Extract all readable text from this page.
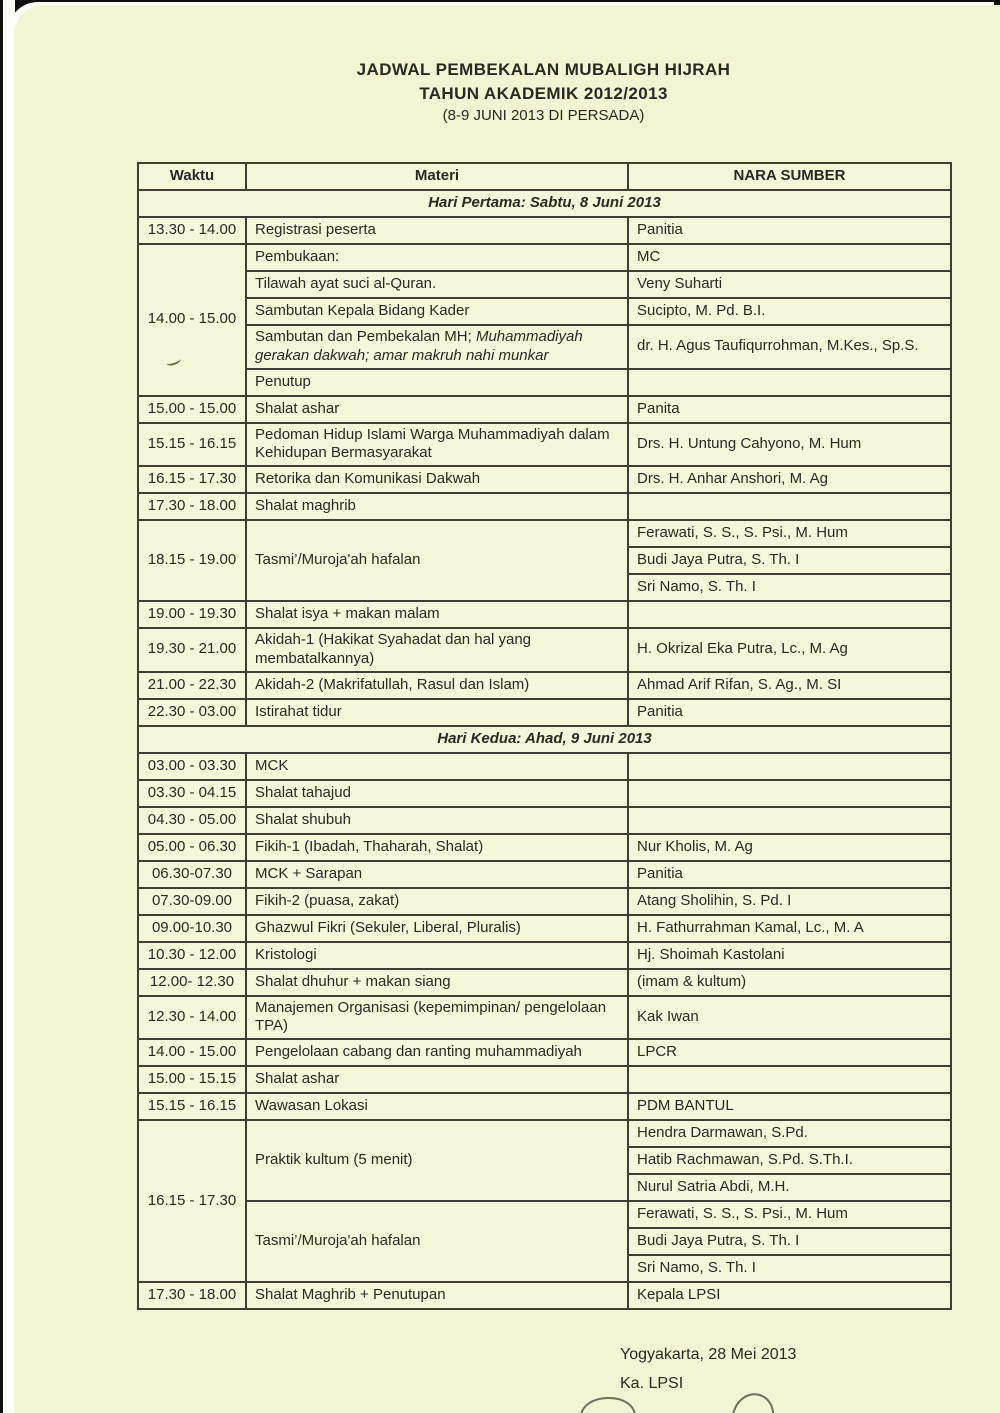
JADWAL PEMBEKALAN MUBALIGH HIJRAH
TAHUN AKADEMIK 2012/2013
(8-9 JUNI 2013 DI PERSADA)
Waktu	Materi	NARA SUMBER
Hari Pertama: Sabtu, 8 Juni 2013		
13.30 - 14.00	Registrasi peserta	Panitia
14.00 - 15.00	Pembukaan:	MC
	Tilawah ayat suci al-Quran.	Veny Suharti
	Sambutan Kepala Bidang Kader	Sucipto, M. Pd. B.I.
	Sambutan dan Pembekalan MH; Muhammadiyah gerakan dakwah; amar makruh nahi munkar	dr. H. Agus Taufiqurrohman, M.Kes., Sp.S.
	Penutup	
15.00 - 15.00	Shalat ashar	Panita
15.15 - 16.15	Pedoman Hidup Islami Warga Muhammadiyah dalam Kehidupan Bermasyarakat	Drs. H. Untung Cahyono, M. Hum
16.15 - 17.30	Retorika dan Komunikasi Dakwah	Drs. H. Anhar Anshori, M. Ag
17.30 - 18.00	Shalat maghrib	
18.15 - 19.00	Tasmi’/Muroja'ah hafalan	Ferawati, S. S., S. Psi., M. Hum
		Budi Jaya Putra, S. Th. I
		Sri Namo, S. Th. I
19.00 - 19.30	Shalat isya + makan malam	
19.30 - 21.00	Akidah-1 (Hakikat Syahadat dan hal yang membatalkannya)	H. Okrizal Eka Putra, Lc., M. Ag
21.00 - 22.30	Akidah-2 (Makrifatullah, Rasul dan Islam)	Ahmad Arif Rifan, S. Ag., M. SI
22.30 - 03.00	Istirahat tidur	Panitia
Hari Kedua: Ahad, 9 Juni 2013		
03.00 - 03.30	MCK	
03.30 - 04.15	Shalat tahajud	
04.30 - 05.00	Shalat shubuh	
05.00 - 06.30	Fikih-1 (Ibadah, Thaharah, Shalat)	Nur Kholis, M. Ag
06.30-07.30	MCK + Sarapan	Panitia
07.30-09.00	Fikih-2 (puasa, zakat)	Atang Sholihin, S. Pd. I
09.00-10.30	Ghazwul Fikri (Sekuler, Liberal, Pluralis)	H. Fathurrahman Kamal, Lc., M. A
10.30 - 12.00	Kristologi	Hj. Shoimah Kastolani
12.00- 12.30	Shalat dhuhur + makan siang	(imam & kultum)
12.30 - 14.00	Manajemen Organisasi (kepemimpinan/ pengelolaan TPA)	Kak Iwan
14.00 - 15.00	Pengelolaan cabang dan ranting muhammadiyah	LPCR
15.00 - 15.15	Shalat ashar	
15.15 - 16.15	Wawasan Lokasi	PDM BANTUL
16.15 - 17.30	Praktik kultum (5 menit)	Hendra Darmawan, S.Pd.
		Hatib Rachmawan, S.Pd. S.Th.I.
		Nurul Satria Abdi, M.H.
	Tasmi’/Muroja'ah hafalan	Ferawati, S. S., S. Psi., M. Hum
		Budi Jaya Putra, S. Th. I
		Sri Namo, S. Th. I
17.30 - 18.00	Shalat Maghrib + Penutupan	Kepala LPSI
Yogyakarta, 28 Mei 2013
Ka. LPSI
